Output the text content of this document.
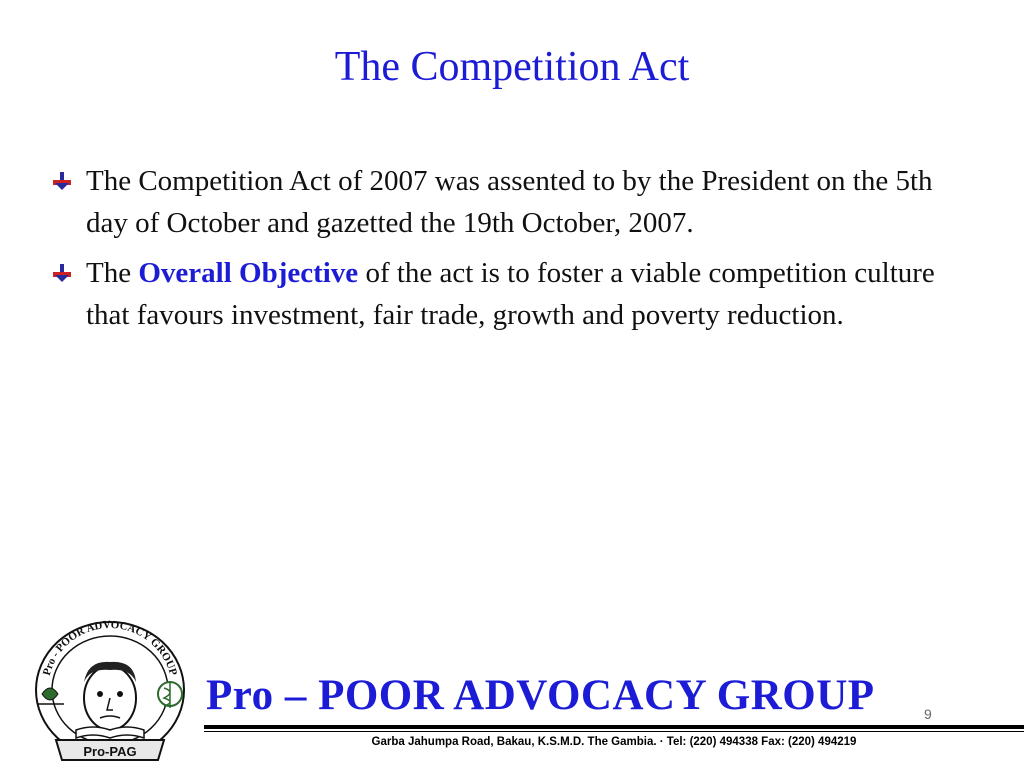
The Competition Act
The Competition Act of 2007 was assented to by the President on the 5th day of October and gazetted the 19th October, 2007.
The Overall Objective of the act is to foster a viable competition culture that favours investment, fair trade, growth and poverty reduction.
Pro - POOR ADVOCACY GROUP
Pro-PAG
Pro – POOR ADVOCACY GROUP	9
Garba Jahumpa Road, Bakau, K.S.M.D. The Gambia. · Tel: (220) 494338 Fax: (220) 494219
